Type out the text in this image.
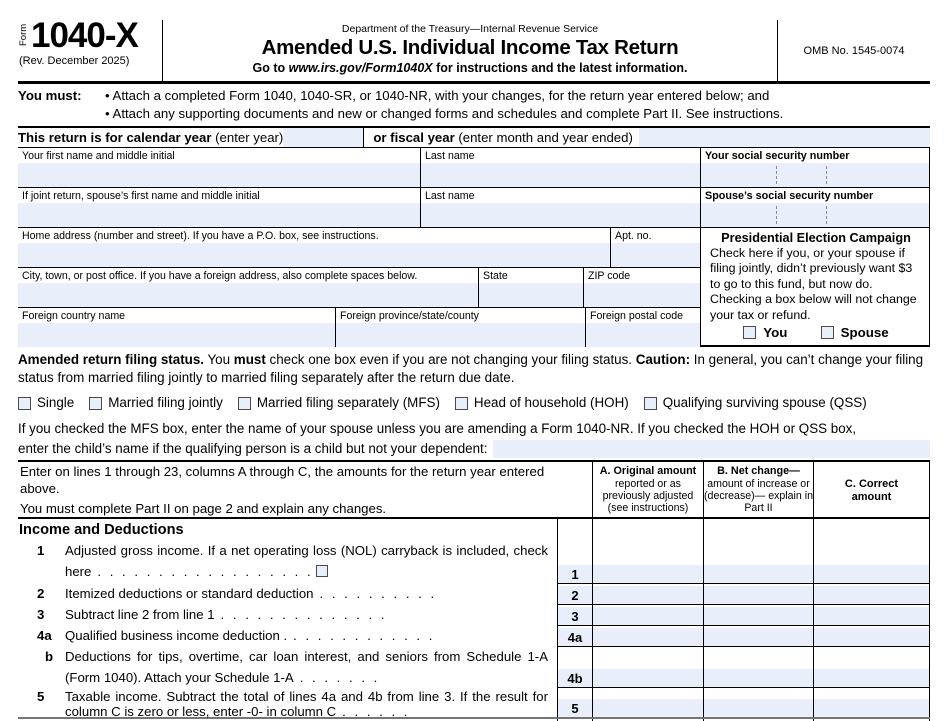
Form 1040-X
(Rev. December 2025)
Department of the Treasury—Internal Revenue Service
Amended U.S. Individual Income Tax Return
Go to www.irs.gov/Form1040X for instructions and the latest information.
OMB No. 1545-0074
You must:	• Attach a completed Form 1040, 1040-SR, or 1040-NR, with your changes, for the return year entered below; and
• Attach any supporting documents and new or changed forms and schedules and complete Part II. See instructions.
This return is for calendar year (enter year)	or fiscal year (enter month and year ended)
Your first name and middle initial	Last name	Your social security number
If joint return, spouse’s first name and middle initial	Last name	Spouse’s social security number
Home address (number and street). If you have a P.O. box, see instructions.	Apt. no.
City, town, or post office. If you have a foreign address, also complete spaces below.	State	ZIP code
Foreign country name	Foreign province/state/county	Foreign postal code
Presidential Election Campaign
Check here if you, or your spouse if filing jointly, didn’t previously want $3 to go to this fund, but now do. Checking a box below will not change your tax or refund.
You	Spouse

Amended return filing status. You must check one box even if you are not changing your filing status. Caution: In general, you can’t change your filing status from married filing jointly to married filing separately after the return due date.

Single	Married filing jointly	Married filing separately (MFS)	Head of household (HOH)	Qualifying surviving spouse (QSS)
If you checked the MFS box, enter the name of your spouse unless you are amending a Form 1040-NR. If you checked the HOH or QSS box,
enter the child’s name if the qualifying person is a child but not your dependent:
Enter on lines 1 through 23, columns A through C, the amounts for the return year entered above.
You must complete Part II on page 2 and explain any changes.
A. Original amount
reported or as previously adjusted (see instructions)
B. Net change—
amount of increase or (decrease)— explain in Part II
C. Correct amount
Income and Deductions
1	Adjusted gross income. If a net operating loss (NOL) carryback is included, check here . . . . . . . . . . . . . . . . . .	1
2	Itemized deductions or standard deduction . . . . . . . . . .	2
3	Subtract line 2 from line 1 . . . . . . . . . . . . . .	3
4a	Qualified business income deduction . . . . . . . . . . . . .	4a
b Deductions for tips, overtime, car loan interest, and seniors from Schedule 1-A (Form 1040). Attach your Schedule 1-A . . . . . . .	4b
5	Taxable income. Subtract the total of lines 4a and 4b from line 3. If the result for column C is zero or less, enter -0- in column C . . . . . .	5
